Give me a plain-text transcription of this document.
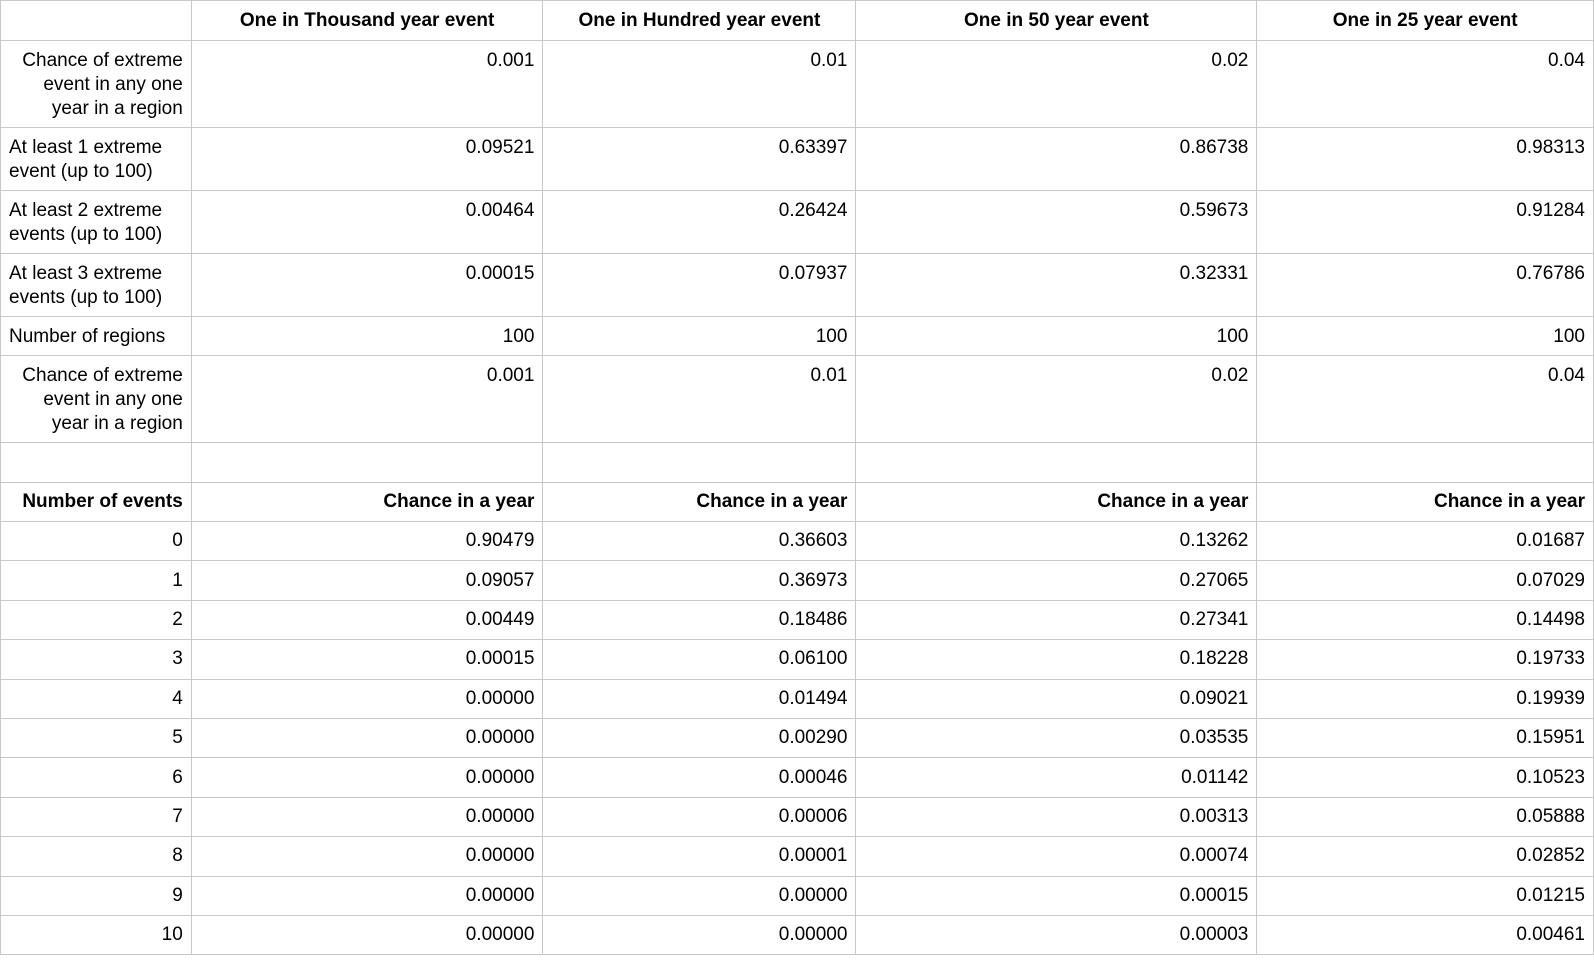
	One in Thousand year event	One in Hundred year event	One in 50 year event	One in 25 year event
Chance of extreme event in any one year in a region	0.001	0.01	0.02	0.04
At least 1 extreme event (up to 100)	0.09521	0.63397	0.86738	0.98313
At least 2 extreme events (up to 100)	0.00464	0.26424	0.59673	0.91284
At least 3 extreme events (up to 100)	0.00015	0.07937	0.32331	0.76786
Number of regions	100	100	100	100
Chance of extreme event in any one year in a region	0.001	0.01	0.02	0.04

Number of events	Chance in a year	Chance in a year	Chance in a year	Chance in a year
0	0.90479	0.36603	0.13262	0.01687
1	0.09057	0.36973	0.27065	0.07029
2	0.00449	0.18486	0.27341	0.14498
3	0.00015	0.06100	0.18228	0.19733
4	0.00000	0.01494	0.09021	0.19939
5	0.00000	0.00290	0.03535	0.15951
6	0.00000	0.00046	0.01142	0.10523
7	0.00000	0.00006	0.00313	0.05888
8	0.00000	0.00001	0.00074	0.02852
9	0.00000	0.00000	0.00015	0.01215
10	0.00000	0.00000	0.00003	0.00461
